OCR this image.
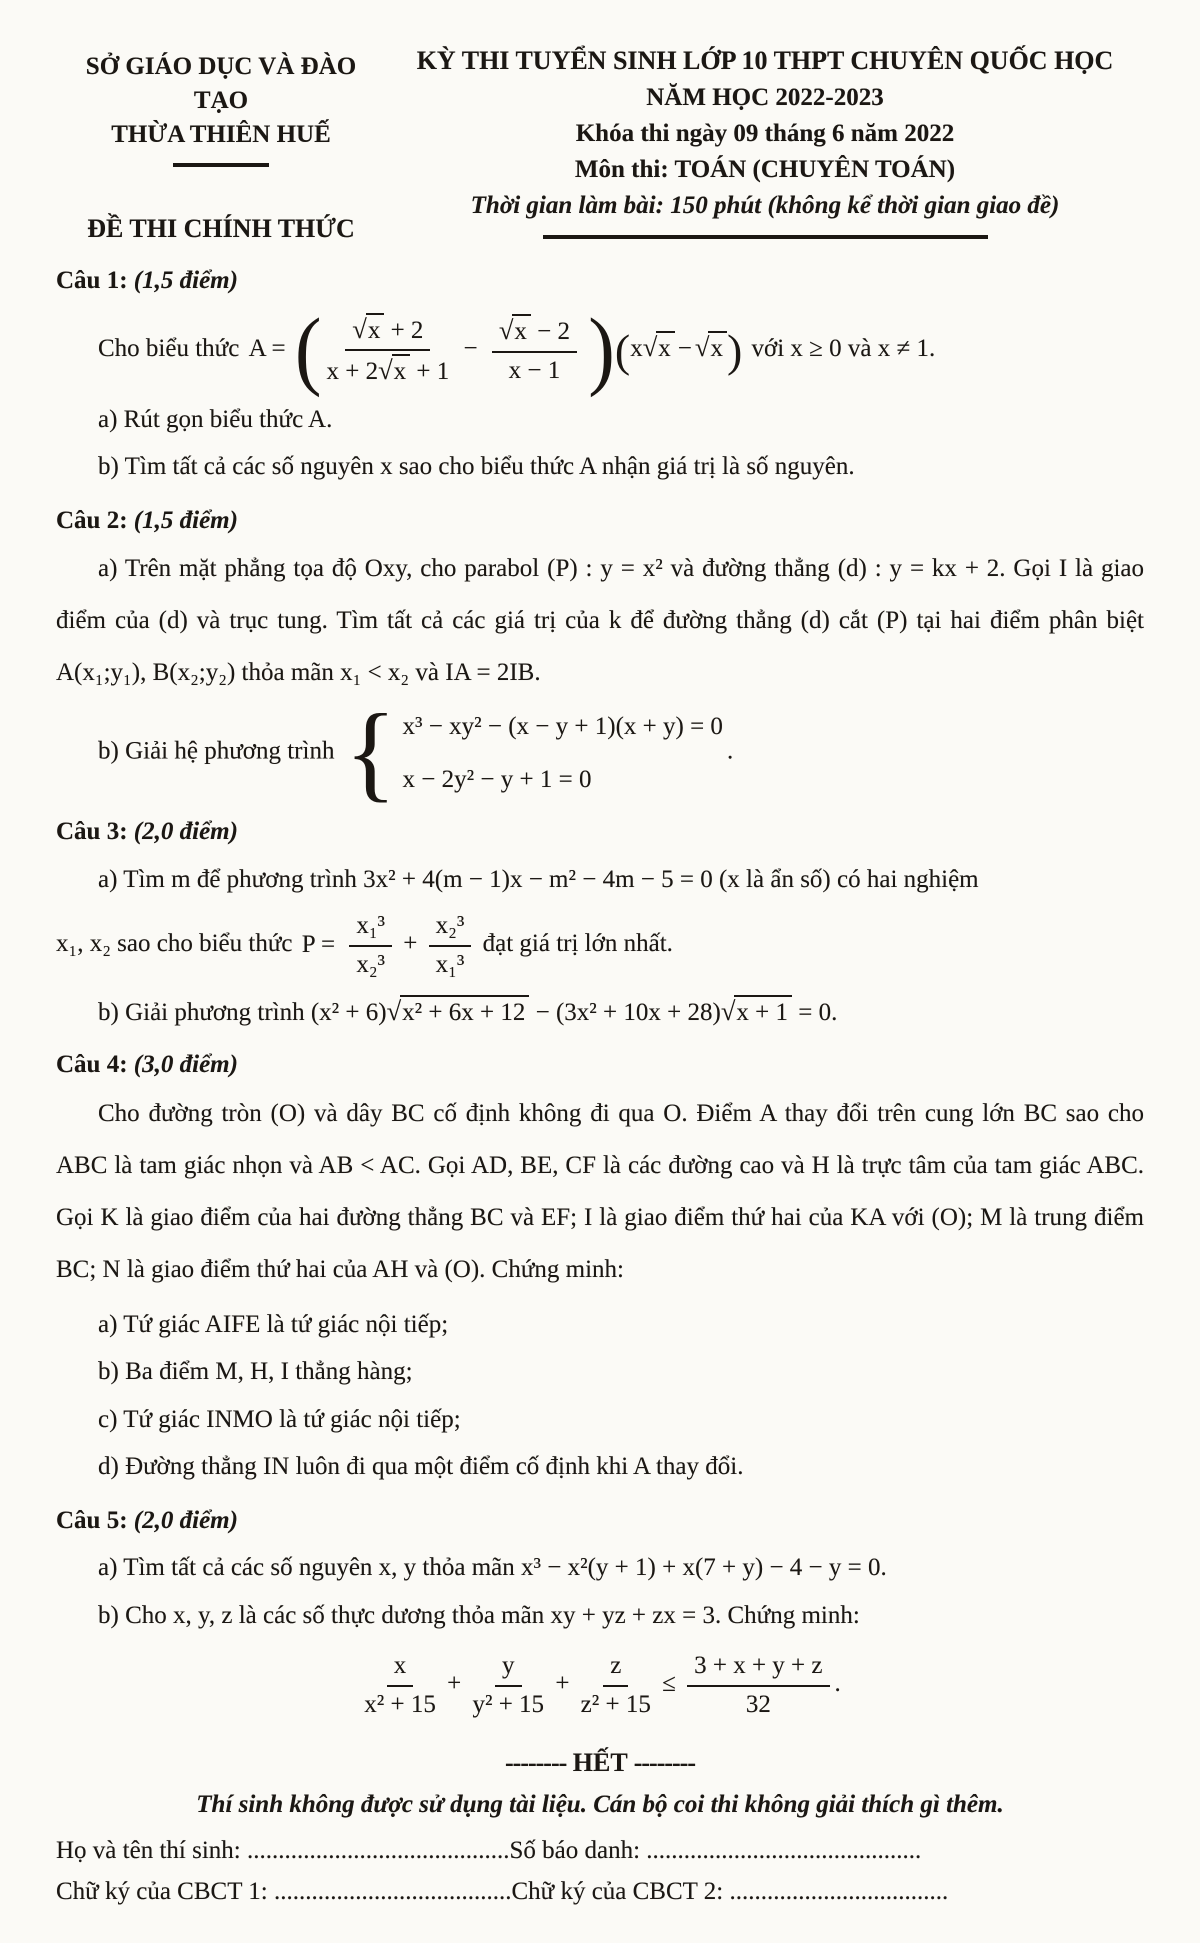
SỞ GIÁO DỤC VÀ ĐÀO TẠO
THỪA THIÊN HUẾ
ĐỀ THI CHÍNH THỨC
KỲ THI TUYỂN SINH LỚP 10 THPT CHUYÊN QUỐC HỌC
NĂM HỌC 2022-2023
Khóa thi ngày 09 tháng 6 năm 2022
Môn thi: TOÁN (CHUYÊN TOÁN)
Thời gian làm bài: 150 phút (không kể thời gian giao đề)

Câu 1: (1,5 điểm)

Cho biểu thức A = ( $\frac{√x + 2}{x + 2√x + 1} - \frac{√x - 2}{x - 1} )(x√x - √x)$ với x ≥ 0 và x ≠ 1.

a) Rút gọn biểu thức A.

b) Tìm tất cả các số nguyên x sao cho biểu thức A nhận giá trị là số nguyên.

Câu 2: (1,5 điểm)

a) Trên mặt phẳng tọa độ Oxy, cho parabol (P) : y = x² và đường thẳng (d) : y = kx + 2. Gọi I là giao điểm của (d) và trục tung. Tìm tất cả các giá trị của k để đường thẳng (d) cắt (P) tại hai điểm phân biệt A(x₁;y₁), B(x₂;y₂) thỏa mãn x₁ < x₂ và IA = 2IB.

b) Giải hệ phương trình { x³ − xy² − (x − y + 1)(x + y) = 0
x − 2y² − y + 1 = 0
.

Câu 3: (2,0 điểm)

a) Tìm m để phương trình 3x² + 4(m − 1)x − m² − 4m − 5 = 0 (x là ẩn số) có hai nghiệm

x₁, x₂ sao cho biểu thức $P = \frac{\text{x₁³}}{\text{x₂³}} + \frac{\text{x₂³}}{\text{x₁³}}$ đạt giá trị lớn nhất.

b) Giải phương trình (x² + 6)√x² + 6x + 12 − (3x² + 10x + 28)√x + 1 = 0.

Câu 4: (3,0 điểm)

Cho đường tròn (O) và dây BC cố định không đi qua O. Điểm A thay đổi trên cung lớn BC sao cho ABC là tam giác nhọn và AB < AC. Gọi AD, BE, CF là các đường cao và H là trực tâm của tam giác ABC. Gọi K là giao điểm của hai đường thẳng BC và EF; I là giao điểm thứ hai của KA với (O); M là trung điểm BC; N là giao điểm thứ hai của AH và (O). Chứng minh:

a) Tứ giác AIFE là tứ giác nội tiếp;

b) Ba điểm M, H, I thẳng hàng;

c) Tứ giác INMO là tứ giác nội tiếp;

d) Đường thẳng IN luôn đi qua một điểm cố định khi A thay đổi.

Câu 5: (2,0 điểm)

a) Tìm tất cả các số nguyên x, y thỏa mãn x³ − x²(y + 1) + x(7 + y) − 4 − y = 0.

b) Cho x, y, z là các số thực dương thỏa mãn xy + yz + zx = 3. Chứng minh:

$\frac{x}{\text{x² + 15}} + \frac{y}{\text{y² + 15}} + \frac{z}{\text{z² + 15}} \le \frac{3 + x + y + z}{32}$ .

-------- HẾT --------

Thí sinh không được sử dụng tài liệu. Cán bộ coi thi không giải thích gì thêm.

Họ và tên thí sinh: ..........................................Số báo danh: ............................................

Chữ ký của CBCT 1: ......................................Chữ ký của CBCT 2: ...................................
